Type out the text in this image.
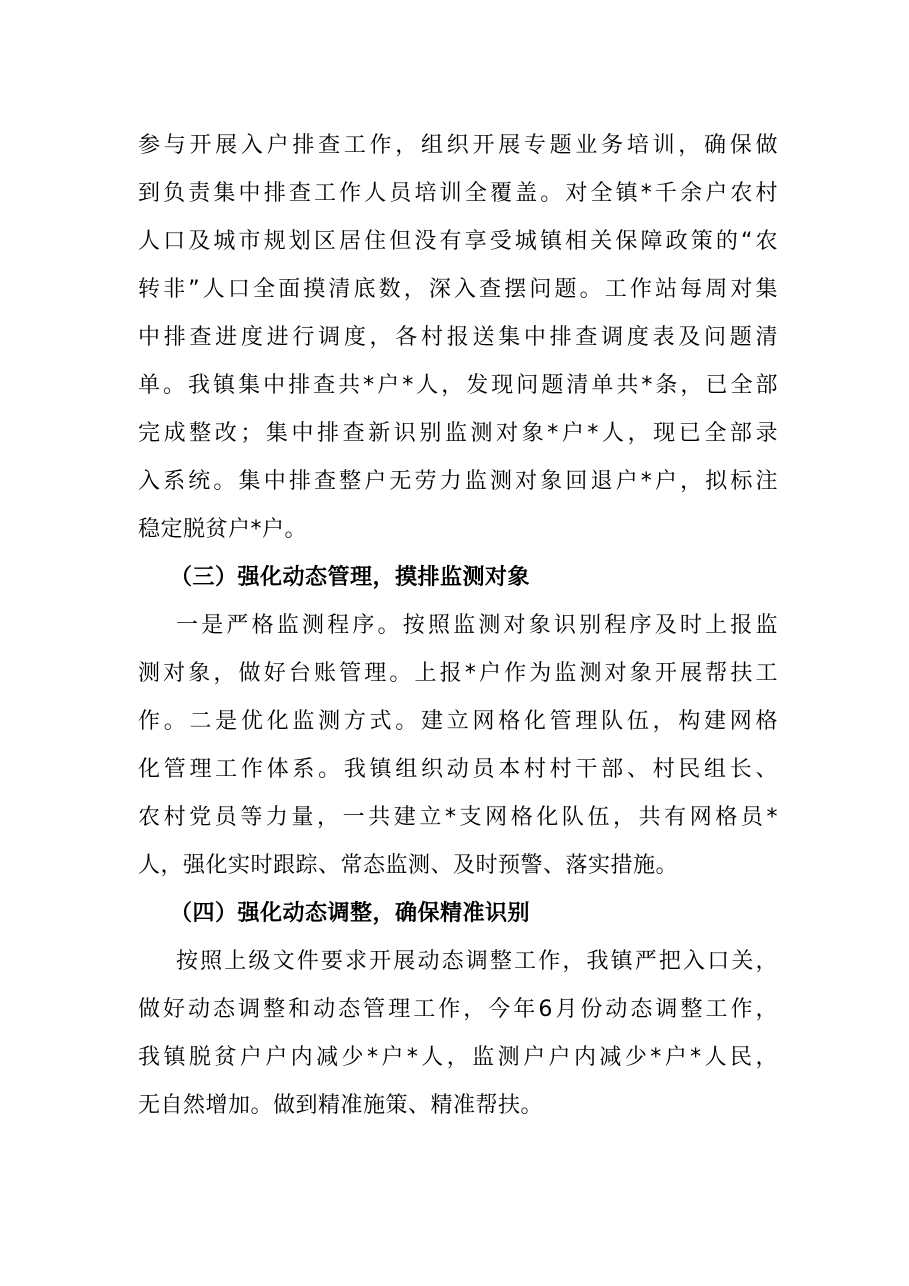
参与开展入户排查工作，组织开展专题业务培训，确保做
到负责集中排查工作人员培训全覆盖。对全镇*千余户农村
人口及城市规划区居住但没有享受城镇相关保障政策的“农
转非”人口全面摸清底数，深入查摆问题。工作站每周对集
中排查进度进行调度，各村报送集中排查调度表及问题清
单。我镇集中排查共*户*人，发现问题清单共*条，已全部
完成整改；集中排查新识别监测对象*户*人，现已全部录
入系统。集中排查整户无劳力监测对象回退户*户，拟标注
稳定脱贫户*户。
（三）强化动态管理，摸排监测对象
一是严格监测程序。按照监测对象识别程序及时上报监
测对象，做好台账管理。上报*户作为监测对象开展帮扶工
作。二是优化监测方式。建立网格化管理队伍，构建网格
化管理工作体系。我镇组织动员本村村干部、村民组长、
农村党员等力量，一共建立*支网格化队伍，共有网格员*
人，强化实时跟踪、常态监测、及时预警、落实措施。
（四）强化动态调整，确保精准识别
按照上级文件要求开展动态调整工作，我镇严把入口关，
做好动态调整和动态管理工作，今年6月份动态调整工作，
我镇脱贫户户内减少*户*人，监测户户内减少*户*人民，
无自然增加。做到精准施策、精准帮扶。
